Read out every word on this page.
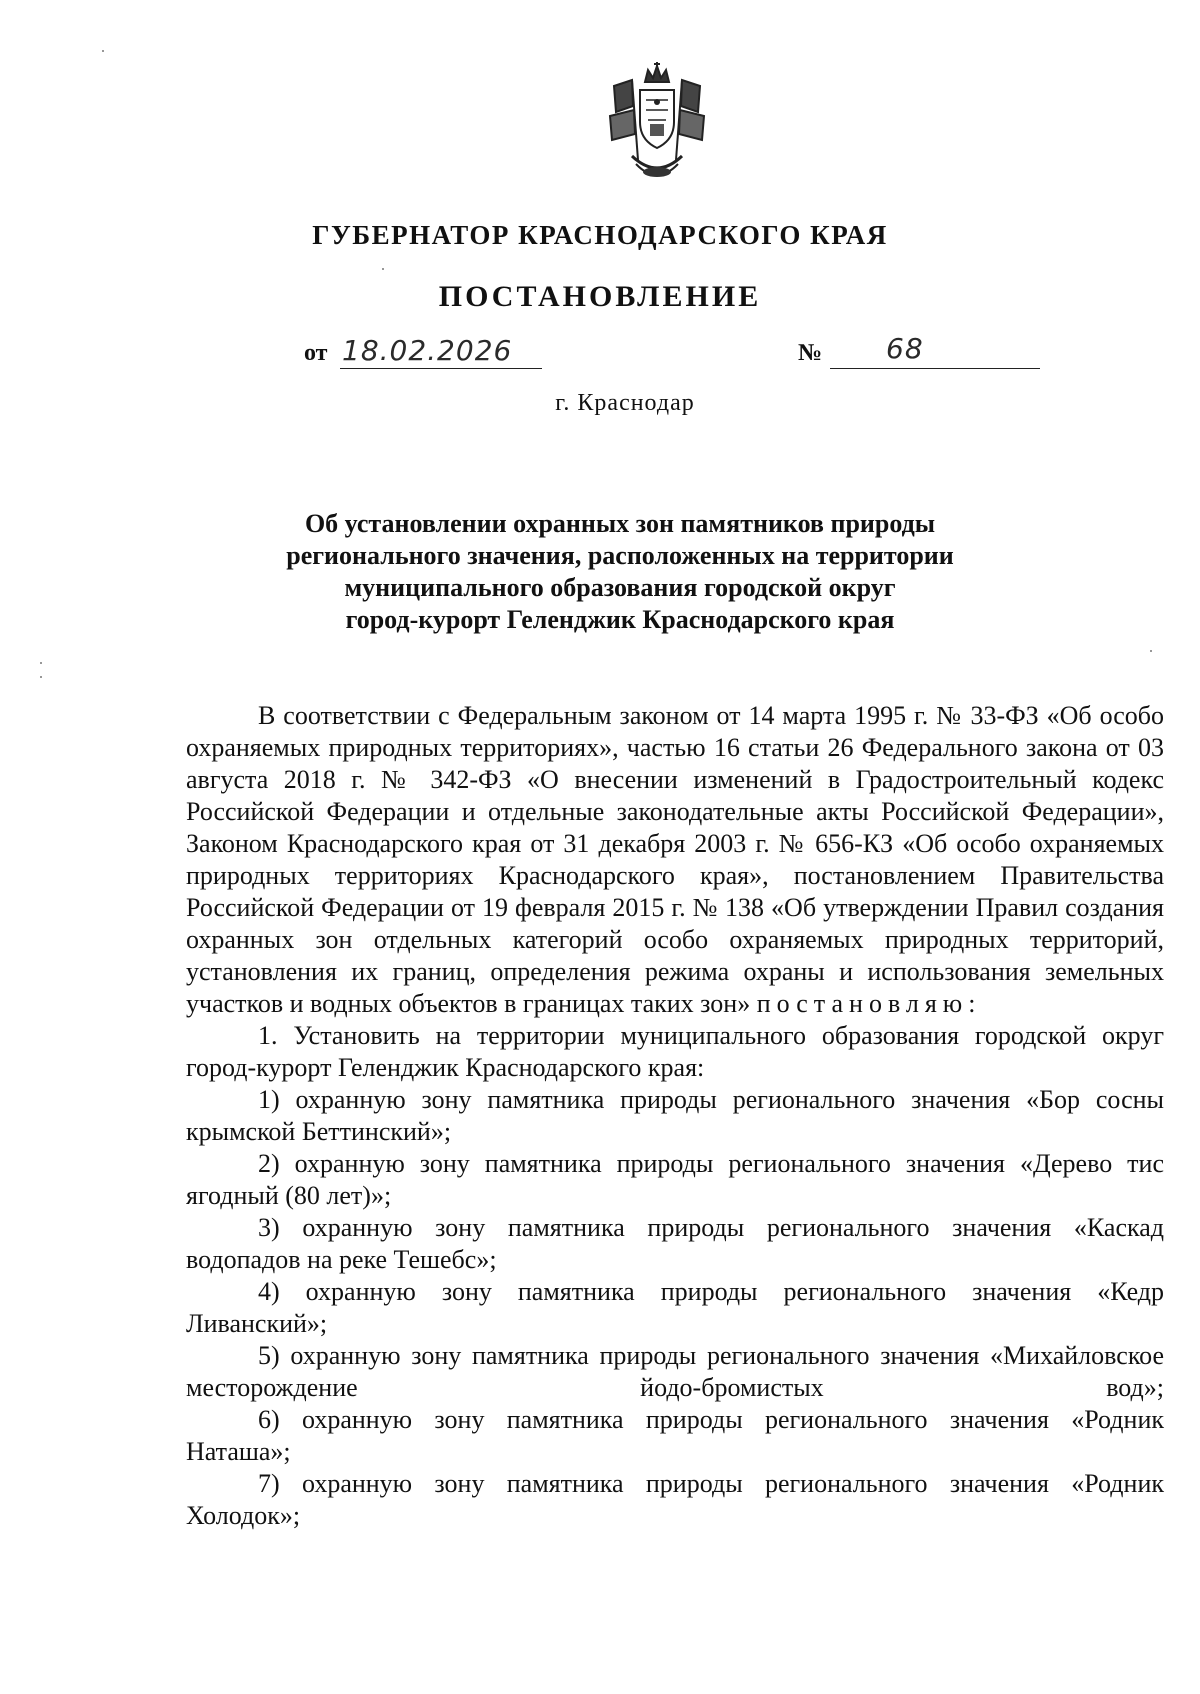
ГУБЕРНАТОР КРАСНОДАРСКОГО КРАЯ
ПОСТАНОВЛЕНИЕ
от 18.02.2026	№ 68
г. Краснодар
Об установлении охранных зон памятников природы
регионального значения, расположенных на территории
муниципального образования городской округ
город-курорт Геленджик Краснодарского края

В соответствии с Федеральным законом от 14 марта 1995 г. № 33-ФЗ «Об особо охраняемых природных территориях», частью 16 статьи 26 Федерального закона от 03 августа 2018 г. № 342-ФЗ «О внесении изменений в Градостроительный кодекс Российской Федерации и отдельные законодательные акты Российской Федерации», Законом Краснодарского края от 31 декабря 2003 г. № 656-КЗ «Об особо охраняемых природных территориях Краснодарского края», постановлением Правительства Российской Федерации от 19 февраля 2015 г. № 138 «Об утверждении Правил создания охранных зон отдельных категорий особо охраняемых природных территорий, установления их границ, определения режима охраны и использования земельных участков и водных объектов в границах таких зон» постановляю:

1. Установить на территории муниципального образования городской округ город-курорт Геленджик Краснодарского края:

1) охранную зону памятника природы регионального значения «Бор сосны крымской Беттинский»;

2) охранную зону памятника природы регионального значения «Дерево тис ягодный (80 лет)»;

3) охранную зону памятника природы регионального значения «Каскад водопадов на реке Тешебс»;

4) охранную зону памятника природы регионального значения «Кедр Ливанский»;

5) охранную зону памятника природы регионального значения «Михайловское месторождение йодо-бромистых вод»;

6) охранную зону памятника природы регионального значения «Родник Наташа»;

7) охранную зону памятника природы регионального значения «Родник Холодок»;
